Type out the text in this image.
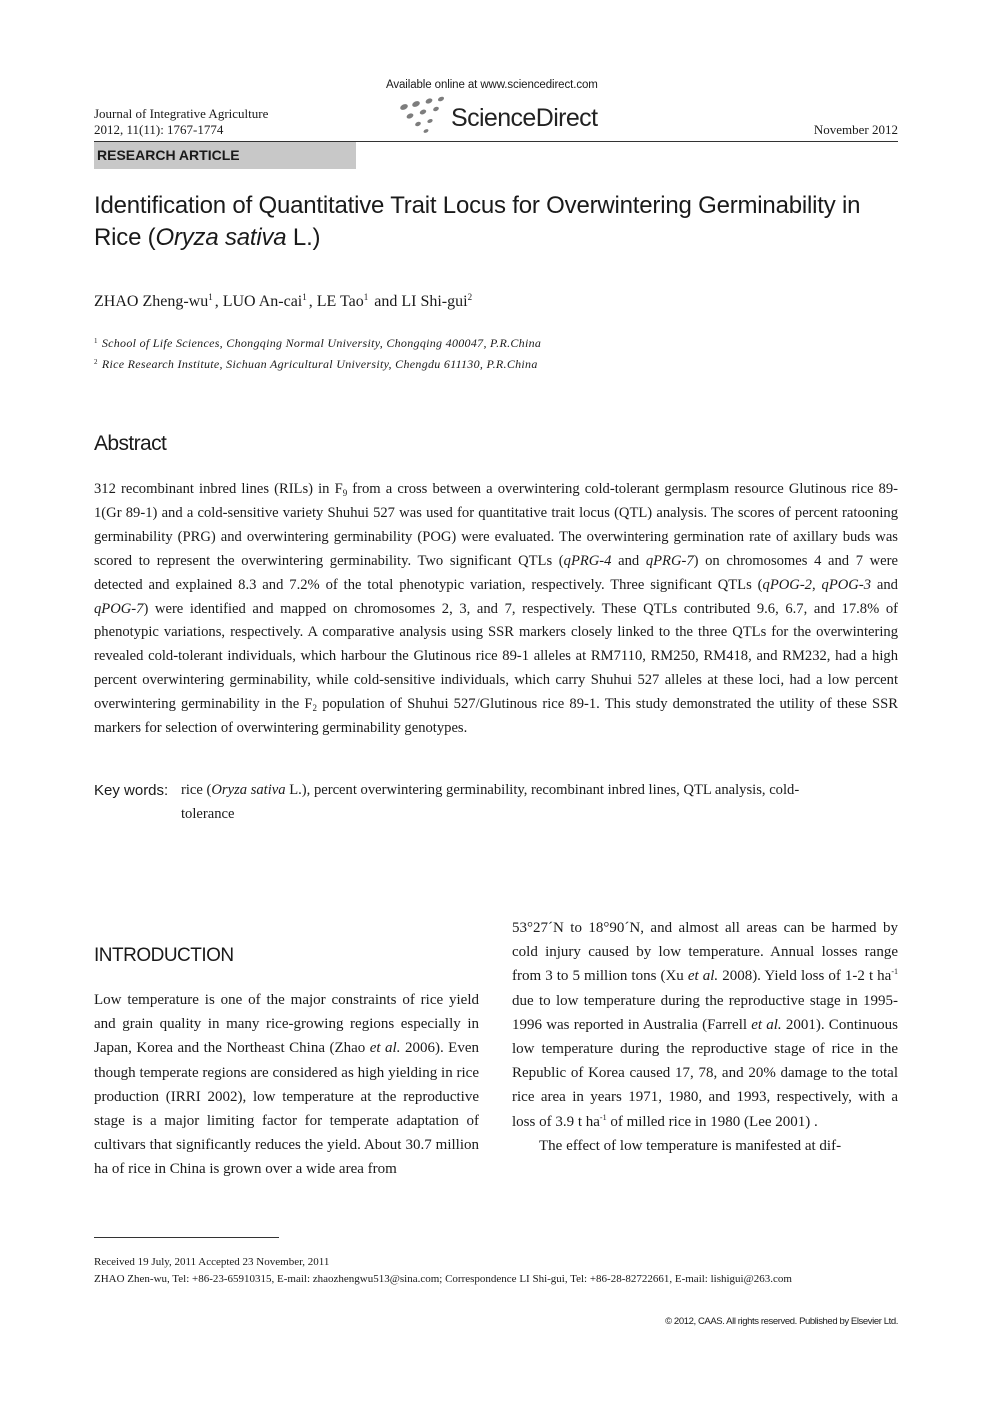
Journal of Integrative Agriculture
2012, 11(11): 1767-1774
Available online at www.sciencedirect.com
ScienceDirect	November 2012
RESEARCH ARTICLE
Identification of Quantitative Trait Locus for Overwintering Germinability in Rice (Oryza sativa L.)
ZHAO Zheng-$wu^1$ , LUO An-cai$^1$ , LE Tao$^1$ and LI Shi-gui$^2$
$^1$ School of Life Sciences, Chongqing Normal University, Chongqing 400047, P.R.China
$^2$ Rice Research Institute, Sichuan Agricultural University, Chengdu 611130, P.R.China
Abstract
312 recombinant inbred lines (RILs) in $F_9$ from a cross between a overwintering cold-tolerant germplasm resource Glutinous rice 89-1(Gr 89-1) and a cold-sensitive variety Shuhui 527 was used for quantitative trait locus (QTL) analysis. The scores of percent ratooning germinability (PRG) and overwintering germinability (POG) were evaluated. The overwintering germination rate of axillary buds was scored to represent the overwintering germinability. Two significant QTLs (qPRG-4 and qPRG-7) on chromosomes 4 and 7 were detected and explained 8.3 and 7.2% of the total phenotypic variation, respectively. Three significant QTLs (qPOG-2, qPOG-3 and qPOG-7) were identified and mapped on chromosomes 2, 3, and 7, respectively. These QTLs contributed 9.6, 6.7, and 17.8% of phenotypic variations, respectively. A comparative analysis using SSR markers closely linked to the three QTLs for the overwintering revealed cold-tolerant individuals, which harbour the Glutinous rice 89-1 alleles at RM7110, RM250, RM418, and RM232, had a high percent overwintering germinability, while cold-sensitive individuals, which carry Shuhui 527 alleles at these loci, had a low percent overwintering germinability in the $F_2$ population of Shuhui 527/Glutinous rice 89-1. This study demonstrated the utility of these SSR markers for selection of overwintering germinability genotypes.
Key words: rice (Oryza sativa L.), percent overwintering germinability, recombinant inbred lines, QTL analysis, cold-
tolerance
INTRODUCTION

Low temperature is one of the major constraints of rice yield and grain quality in many rice-growing regions especially in Japan, Korea and the Northeast China (Zhao et al. 2006). Even though temperate regions are considered as high yielding in rice production (IRRI 2002), low temperature at the reproductive stage is a major limiting factor for temperate adaptation of cultivars that significantly reduces the yield. About 30.7 million ha of rice in China is grown over a wide area from

53°27´N to 18°90´N, and almost all areas can be harmed by cold injury caused by low temperature. Annual losses range from 3 to 5 million tons (Xu et al. 2008). Yield loss of 1-2 t $ha^{-1}$ due to low temperature during the reproductive stage in 1995-1996 was reported in Australia (Farrell et al. 2001). Continuous low temperature during the reproductive stage of rice in the Republic of Korea caused 17, 78, and 20% damage to the total rice area in years 1971, 1980, and 1993, respectively, with a loss of 3.9 t $ha^{-1}$ of milled rice in 1980 (Lee 2001) .

The effect of low temperature is manifested at dif-

Received 19 July, 2011 Accepted 23 November, 2011
ZHAO Zhen-wu, Tel: +86-23-65910315, E-mail: zhaozhengwu513@sina.com; Correspondence LI Shi-gui, Tel: +86-28-82722661, E-mail: lishigui@263.com
© 2012, CAAS. All rights reserved. Published by Elsevier Ltd.
